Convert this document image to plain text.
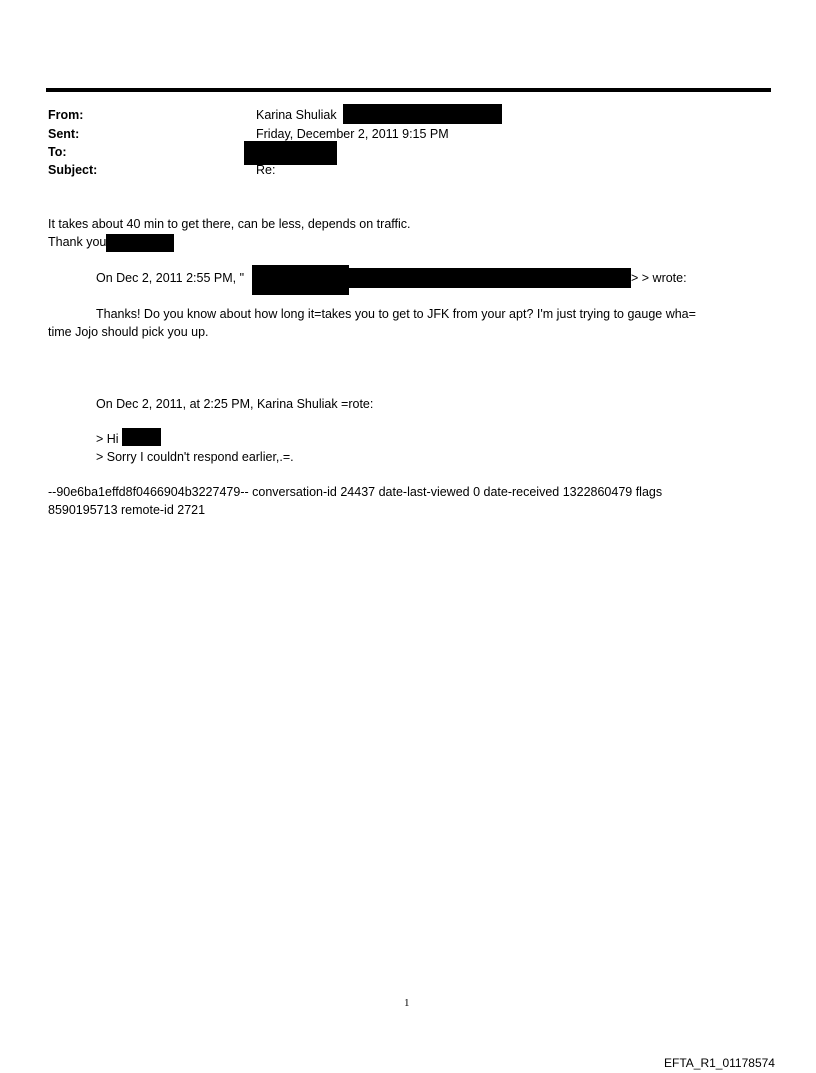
From:	Karina Shuliak
Sent:	Friday, December 2, 2011 9:15 PM
To:
Subject:	Re:
It takes about 40 min to get there, can be less, depends on traffic.
Thank you
On Dec 2, 2011 2:55 PM, "	> > wrote:
Thanks! Do you know about how long it=takes you to get to JFK from your apt? I'm just trying to gauge wha=
time Jojo should pick you up.
On Dec 2, 2011, at 2:25 PM, Karina Shuliak =rote:
> Hi
> Sorry I couldn't respond earlier,.=.
--90e6ba1effd8f0466904b3227479-- conversation-id 24437 date-last-viewed 0 date-received 1322860479 flags
8590195713 remote-id 2721
1
EFTA_R1_01178574
